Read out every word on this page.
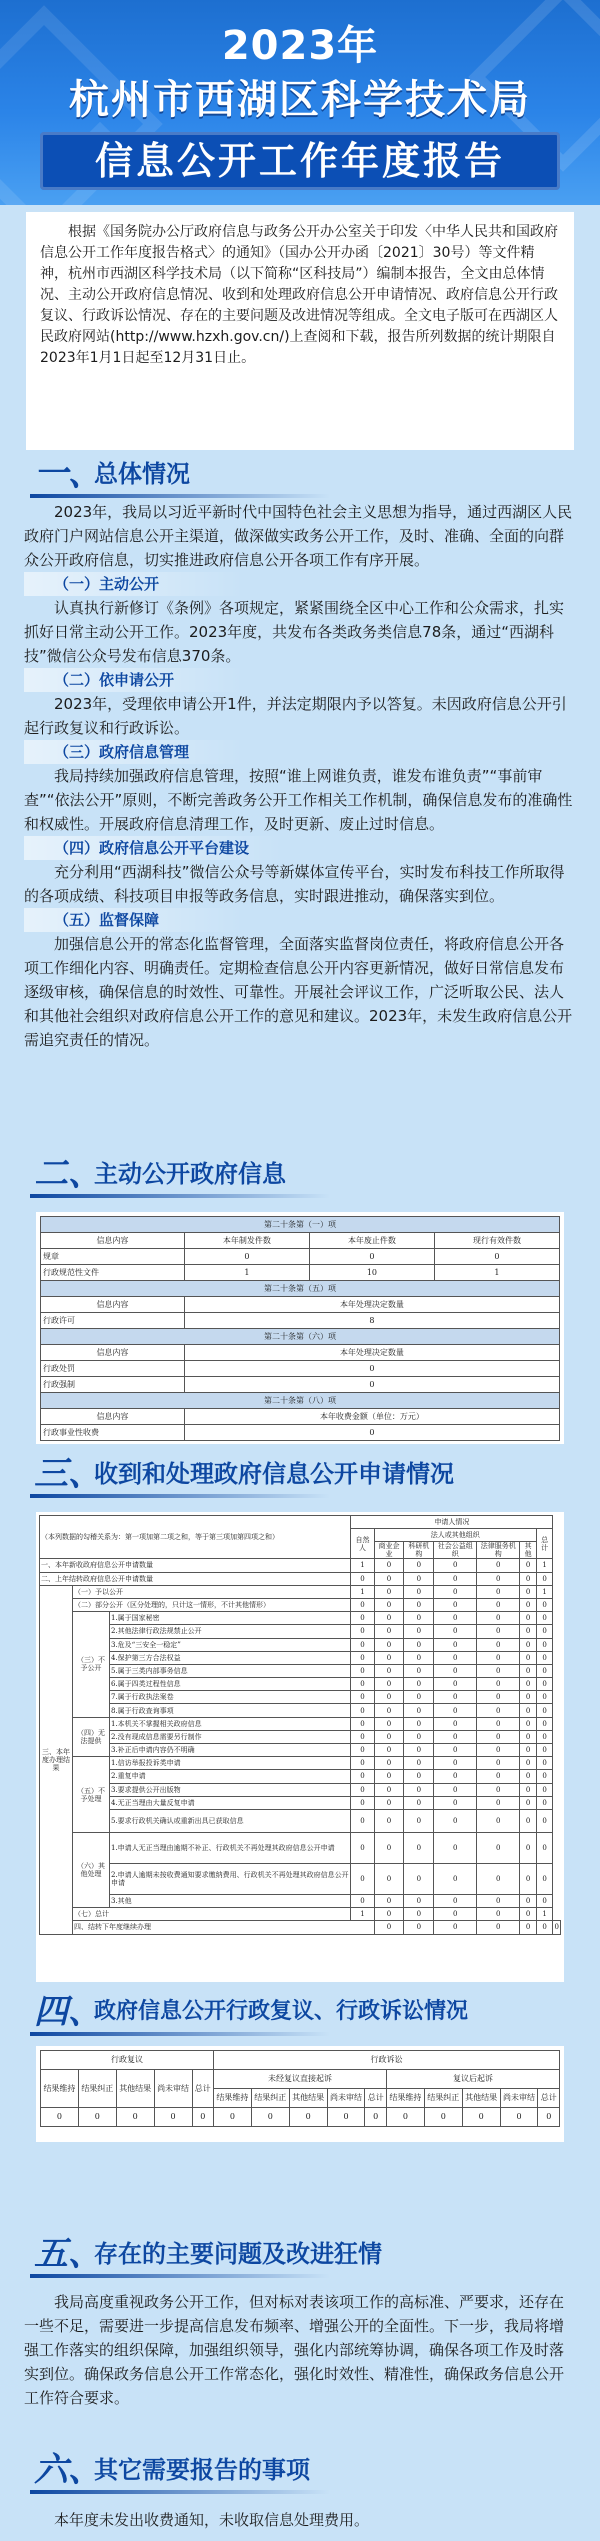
2023年
杭州市西湖区科学技术局
信息公开工作年度报告
根据《国务院办公厅政府信息与政务公开办公室关于印发〈中华人民共和国政府信息公开工作年度报告格式〉的通知》（国办公开办函〔2021〕30号）等文件精神，杭州市西湖区科学技术局（以下简称“区科技局”）编制本报告，全文由总体情况、主动公开政府信息情况、收到和处理政府信息公开申请情况、政府信息公开行政复议、行政诉讼情况、存在的主要问题及改进情况等组成。全文电子版可在西湖区人民政府网站(http://www.hzxh.gov.cn/)上查阅和下载，报告所列数据的统计期限自2023年1月1日起至12月31日止。
一、
总体情况

2023年，我局以习近平新时代中国特色社会主义思想为指导，通过西湖区人民政府门户网站信息公开主渠道，做深做实政务公开工作，及时、准确、全面的向群众公开政府信息，切实推进政府信息公开各项工作有序开展。

（一）主动公开

认真执行新修订《条例》各项规定，紧紧围绕全区中心工作和公众需求，扎实抓好日常主动公开工作。2023年度，共发布各类政务类信息78条，通过“西湖科技”微信公众号发布信息370条。

（二）依申请公开

2023年，受理依申请公开1件，并法定期限内予以答复。未因政府信息公开引起行政复议和行政诉讼。

（三）政府信息管理

我局持续加强政府信息管理，按照“谁上网谁负责，谁发布谁负责”“事前审查”“依法公开”原则，不断完善政务公开工作相关工作机制，确保信息发布的准确性和权威性。开展政府信息清理工作，及时更新、废止过时信息。

（四）政府信息公开平台建设

充分利用“西湖科技”微信公众号等新媒体宣传平台，实时发布科技工作所取得的各项成绩、科技项目申报等政务信息，实时跟进推动，确保落实到位。

（五）监督保障

加强信息公开的常态化监督管理，全面落实监督岗位责任，将政府信息公开各项工作细化内容、明确责任。定期检查信息公开内容更新情况，做好日常信息发布逐级审核，确保信息的时效性、可靠性。开展社会评议工作，广泛听取公民、法人和其他社会组织对政府信息公开工作的意见和建议。2023年，未发生政府信息公开需追究责任的情况。

二、
主动公开政府信息
第二十条第（一）项			
信息内容	本年制发件数	本年废止件数	现行有效件数
规章	0	0	0
行政规范性文件	1	10	1
第二十条第（五）项			
信息内容	本年处理决定数量		
行政许可	8		
第二十条第（六）项			
信息内容	本年处理决定数量		
行政处罚	0		
行政强制	0		
第二十条第（八）项			
信息内容	本年收费金额（单位：万元）		
行政事业性收费	0		
三、
收到和处理政府信息公开申请情况
（本列数据的勾稽关系为：第一项加第二项之和，等于第三项加第四项之和）			申请人情况							
			自然人	法人或其他组织					总计	
				商业企业	科研机构	社会公益组织	法律服务机构	其他		
一、本年新收政府信息公开申请数量			1	0	0	0	0	0	1	
二、上年结转政府信息公开申请数量			0	0	0	0	0	0	0	
三、本年度办理结果	（一）予以公开		1	0	0	0	0	0	1	
	（二）部分公开（区分处理的，只计这一情形，不计其他情形）		0	0	0	0	0	0	0	
	（三）不予公开	1.属于国家秘密	0	0	0	0	0	0	0	
		2.其他法律行政法规禁止公开	0	0	0	0	0	0	0	
		3.危及“三安全一稳定”	0	0	0	0	0	0	0	
		4.保护第三方合法权益	0	0	0	0	0	0	0	
		5.属于三类内部事务信息	0	0	0	0	0	0	0	
		6.属于四类过程性信息	0	0	0	0	0	0	0	
		7.属于行政执法案卷	0	0	0	0	0	0	0	
		8.属于行政查询事项	0	0	0	0	0	0	0	
	（四）无法提供	1.本机关不掌握相关政府信息	0	0	0	0	0	0	0	
		2.没有现成信息需要另行制作	0	0	0	0	0	0	0	
		3.补正后申请内容仍不明确	0	0	0	0	0	0	0	
	（五）不予处理	1.信访举报投诉类申请	0	0	0	0	0	0	0	
		2.重复申请	0	0	0	0	0	0	0	
		3.要求提供公开出版物	0	0	0	0	0	0	0	
		4.无正当理由大量反复申请	0	0	0	0	0	0	0	
		5.要求行政机关确认或重新出具已获取信息	0	0	0	0	0	0	0	
	（六）其他处理	1.申请人无正当理由逾期不补正、行政机关不再处理其政府信息公开申请	0	0	0	0	0	0	0	
		2.申请人逾期未按收费通知要求缴纳费用、行政机关不再处理其政府信息公开申请	0	0	0	0	0	0	0	
		3.其他	0	0	0	0	0	0	0	
	（七）总计		1	0	0	0	0	0	1	
	四、结转下年度继续办理			0	0	0	0	0	0	0
四、
政府信息公开行政复议、行政诉讼情况
行政复议					行政诉讼									
结果维持	结果纠正	其他结果	尚未审结	总计	未经复议直接起诉					复议后起诉				
					结果维持	结果纠正	其他结果	尚未审结	总计	结果维持	结果纠正	其他结果	尚未审结	总计
0	0	0	0	0	0	0	0	0	0	0	0	0	0	0
五、
存在的主要问题及改进狂情

我局高度重视政务公开工作，但对标对表该项工作的高标准、严要求，还存在一些不足，需要进一步提高信息发布频率、增强公开的全面性。下一步，我局将增强工作落实的组织保障，加强组织领导，强化内部统筹协调，确保各项工作及时落实到位。确保政务信息公开工作常态化，强化时效性、精准性，确保政务信息公开工作符合要求。

六、
其它需要报告的事项

本年度未发出收费通知，未收取信息处理费用。
